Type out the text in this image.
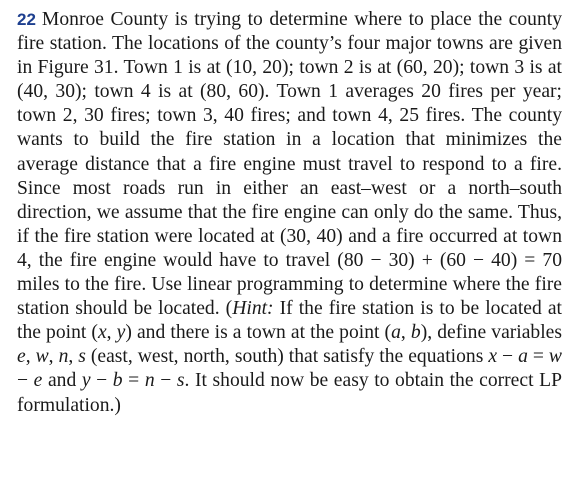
22 Monroe County is trying to determine where to place the county fire station. The locations of the county’s four major towns are given in Figure 31. Town 1 is at (10, 20); town 2 is at (60, 20); town 3 is at (40, 30); town 4 is at (80, 60). Town 1 averages 20 fires per year; town 2, 30 fires; town 3, 40 fires; and town 4, 25 fires. The county wants to build the fire station in a location that minimizes the average distance that a fire engine must travel to respond to a fire. Since most roads run in either an east–west or a north–south direction, we assume that the fire engine can only do the same. Thus, if the fire station were located at (30, 40) and a fire occurred at town 4, the fire engine would have to travel (80 − 30) + (60 − 40) = 70 miles to the fire. Use linear programming to determine where the fire station should be located. (Hint: If the fire station is to be located at the point (x, y) and there is a town at the point (a, b), define variables e, w, n, s (east, west, north, south) that satisfy the equations x − a = w − e and y − b = n − s. It should now be easy to obtain the correct LP formulation.)
